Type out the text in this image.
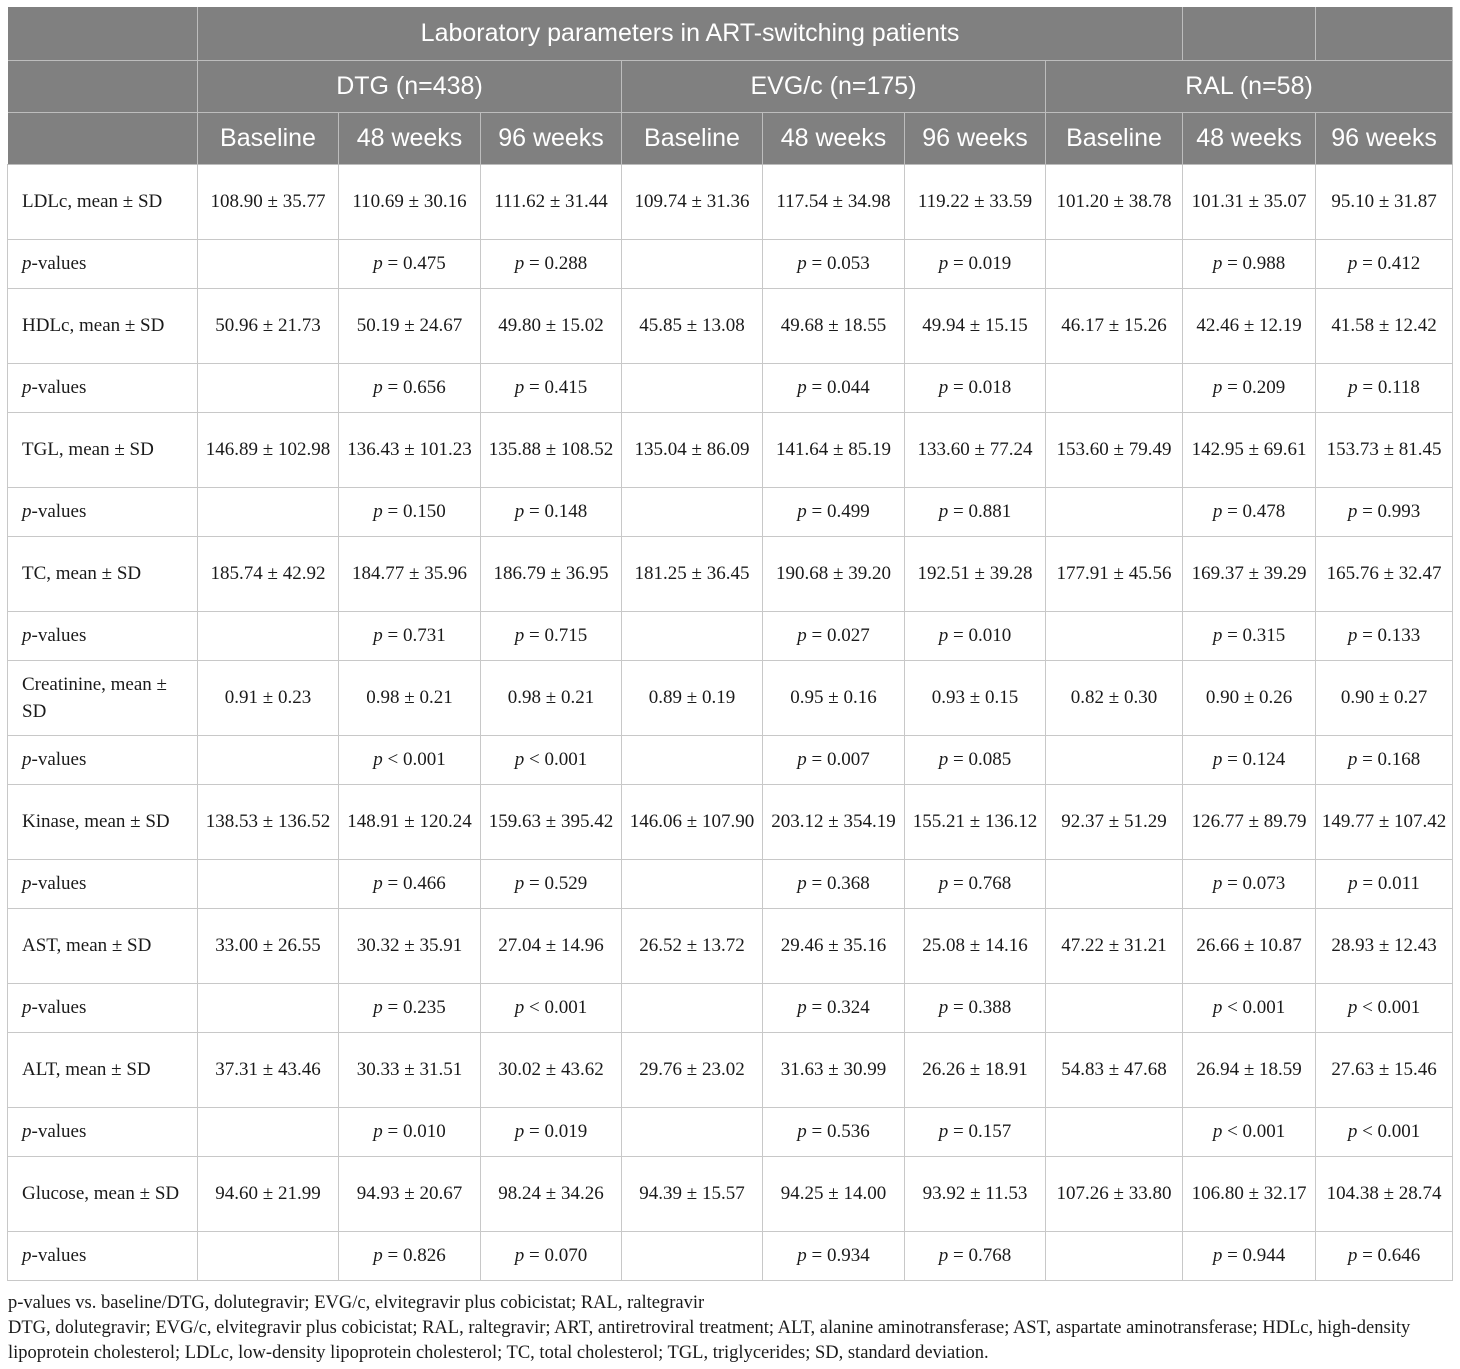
	Laboratory parameters in ART-switching patients								
	DTG (n=438)			EVG/c (n=175)			RAL (n=58)		
	Baseline	48 weeks	96 weeks	Baseline	48 weeks	96 weeks	Baseline	48 weeks	96 weeks
LDLc, mean ± SD	108.90 ± 35.77	110.69 ± 30.16	111.62 ± 31.44	109.74 ± 31.36	117.54 ± 34.98	119.22 ± 33.59	101.20 ± 38.78	101.31 ± 35.07	95.10 ± 31.87
p-values		p = 0.475	p = 0.288		p = 0.053	p = 0.019		p = 0.988	p = 0.412
HDLc, mean ± SD	50.96 ± 21.73	50.19 ± 24.67	49.80 ± 15.02	45.85 ± 13.08	49.68 ± 18.55	49.94 ± 15.15	46.17 ± 15.26	42.46 ± 12.19	41.58 ± 12.42
p-values		p = 0.656	p = 0.415		p = 0.044	p = 0.018		p = 0.209	p = 0.118
TGL, mean ± SD	146.89 ± 102.98	136.43 ± 101.23	135.88 ± 108.52	135.04 ± 86.09	141.64 ± 85.19	133.60 ± 77.24	153.60 ± 79.49	142.95 ± 69.61	153.73 ± 81.45
p-values		p = 0.150	p = 0.148		p = 0.499	p = 0.881		p = 0.478	p = 0.993
TC, mean ± SD	185.74 ± 42.92	184.77 ± 35.96	186.79 ± 36.95	181.25 ± 36.45	190.68 ± 39.20	192.51 ± 39.28	177.91 ± 45.56	169.37 ± 39.29	165.76 ± 32.47
p-values		p = 0.731	p = 0.715		p = 0.027	p = 0.010		p = 0.315	p = 0.133
Creatinine, mean ± SD	0.91 ± 0.23	0.98 ± 0.21	0.98 ± 0.21	0.89 ± 0.19	0.95 ± 0.16	0.93 ± 0.15	0.82 ± 0.30	0.90 ± 0.26	0.90 ± 0.27
p-values		p < 0.001	p < 0.001		p = 0.007	p = 0.085		p = 0.124	p = 0.168
Kinase, mean ± SD	138.53 ± 136.52	148.91 ± 120.24	159.63 ± 395.42	146.06 ± 107.90	203.12 ± 354.19	155.21 ± 136.12	92.37 ± 51.29	126.77 ± 89.79	149.77 ± 107.42
p-values		p = 0.466	p = 0.529		p = 0.368	p = 0.768		p = 0.073	p = 0.011
AST, mean ± SD	33.00 ± 26.55	30.32 ± 35.91	27.04 ± 14.96	26.52 ± 13.72	29.46 ± 35.16	25.08 ± 14.16	47.22 ± 31.21	26.66 ± 10.87	28.93 ± 12.43
p-values		p = 0.235	p < 0.001		p = 0.324	p = 0.388		p < 0.001	p < 0.001
ALT, mean ± SD	37.31 ± 43.46	30.33 ± 31.51	30.02 ± 43.62	29.76 ± 23.02	31.63 ± 30.99	26.26 ± 18.91	54.83 ± 47.68	26.94 ± 18.59	27.63 ± 15.46
p-values		p = 0.010	p = 0.019		p = 0.536	p = 0.157		p < 0.001	p < 0.001
Glucose, mean ± SD	94.60 ± 21.99	94.93 ± 20.67	98.24 ± 34.26	94.39 ± 15.57	94.25 ± 14.00	93.92 ± 11.53	107.26 ± 33.80	106.80 ± 32.17	104.38 ± 28.74
p-values		p = 0.826	p = 0.070		p = 0.934	p = 0.768		p = 0.944	p = 0.646
p-values vs. baseline/DTG, dolutegravir; EVG/c, elvitegravir plus cobicistat; RAL, raltegravir
DTG, dolutegravir; EVG/c, elvitegravir plus cobicistat; RAL, raltegravir; ART, antiretroviral treatment; ALT, alanine aminotransferase; AST, aspartate aminotransferase; HDLc, high-density lipoprotein cholesterol; LDLc, low-density lipoprotein cholesterol; TC, total cholesterol; TGL, triglycerides; SD, standard deviation.
